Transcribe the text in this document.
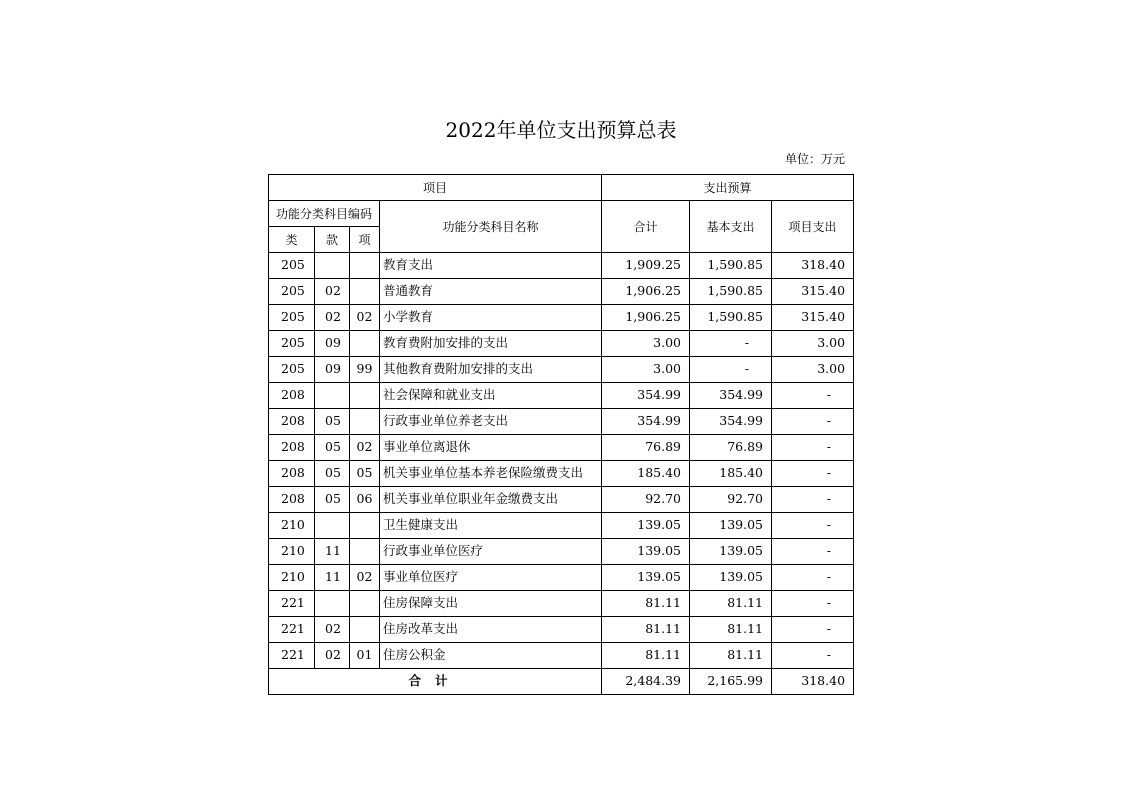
2022年单位支出预算总表
单位：万元
项目				支出预算		
功能分类科目编码			功能分类科目名称	合计	基本支出	项目支出
类	款	项				
205			教育支出	1,909.25	1,590.85	318.40
205	02		普通教育	1,906.25	1,590.85	315.40
205	02	02	小学教育	1,906.25	1,590.85	315.40
205	09		教育费附加安排的支出	3.00	-	3.00
205	09	99	其他教育费附加安排的支出	3.00	-	3.00
208			社会保障和就业支出	354.99	354.99	-
208	05		行政事业单位养老支出	354.99	354.99	-
208	05	02	事业单位离退休	76.89	76.89	-
208	05	05	机关事业单位基本养老保险缴费支出	185.40	185.40	-
208	05	06	机关事业单位职业年金缴费支出	92.70	92.70	-
210			卫生健康支出	139.05	139.05	-
210	11		行政事业单位医疗	139.05	139.05	-
210	11	02	事业单位医疗	139.05	139.05	-
221			住房保障支出	81.11	81.11	-
221	02		住房改革支出	81.11	81.11	-
221	02	01	住房公积金	81.11	81.11	-
合计				2,484.39	2,165.99	318.40
